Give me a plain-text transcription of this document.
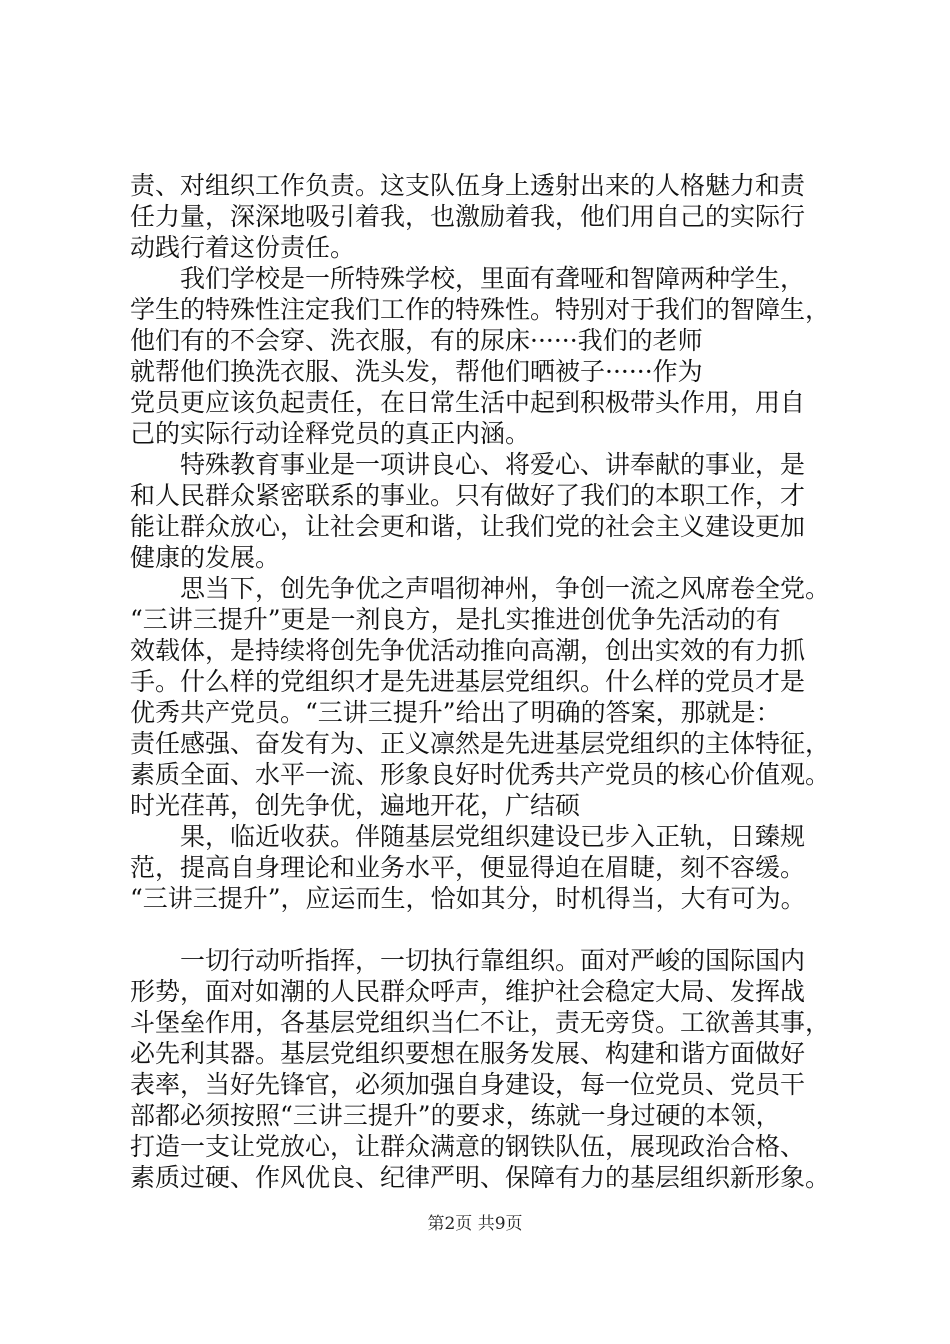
责、对组织工作负责。这支队伍身上透射出来的人格魅力和责
任力量，深深地吸引着我，也激励着我，他们用自己的实际行
动践行着这份责任。
　　我们学校是一所特殊学校，里面有聋哑和智障两种学生，
学生的特殊性注定我们工作的特殊性。特别对于我们的智障生，
他们有的不会穿、洗衣服，有的尿床······我们的老师
就帮他们换洗衣服、洗头发，帮他们晒被子······作为
党员更应该负起责任，在日常生活中起到积极带头作用，用自
己的实际行动诠释党员的真正内涵。
　　特殊教育事业是一项讲良心、将爱心、讲奉献的事业，是
和人民群众紧密联系的事业。只有做好了我们的本职工作，才
能让群众放心，让社会更和谐，让我们党的社会主义建设更加
健康的发展。
　　思当下，创先争优之声唱彻神州，争创一流之风席卷全党。
“三讲三提升”更是一剂良方，是扎实推进创优争先活动的有
效载体，是持续将创先争优活动推向高潮，创出实效的有力抓
手。什么样的党组织才是先进基层党组织。什么样的党员才是
优秀共产党员。“三讲三提升”给出了明确的答案，那就是：
责任感强、奋发有为、正义凛然是先进基层党组织的主体特征，
素质全面、水平一流、形象良好时优秀共产党员的核心价值观。
时光荏苒，创先争优，遍地开花，广结硕
　　果，临近收获。伴随基层党组织建设已步入正轨，日臻规
范，提高自身理论和业务水平，便显得迫在眉睫，刻不容缓。
“三讲三提升”，应运而生，恰如其分，时机得当，大有可为。
　　一切行动听指挥，一切执行靠组织。面对严峻的国际国内
形势，面对如潮的人民群众呼声，维护社会稳定大局、发挥战
斗堡垒作用，各基层党组织当仁不让，责无旁贷。工欲善其事，
必先利其器。基层党组织要想在服务发展、构建和谐方面做好
表率，当好先锋官，必须加强自身建设，每一位党员、党员干
部都必须按照“三讲三提升”的要求，练就一身过硬的本领，
打造一支让党放心，让群众满意的钢铁队伍，展现政治合格、
素质过硬、作风优良、纪律严明、保障有力的基层组织新形象。
第2页 共9页
